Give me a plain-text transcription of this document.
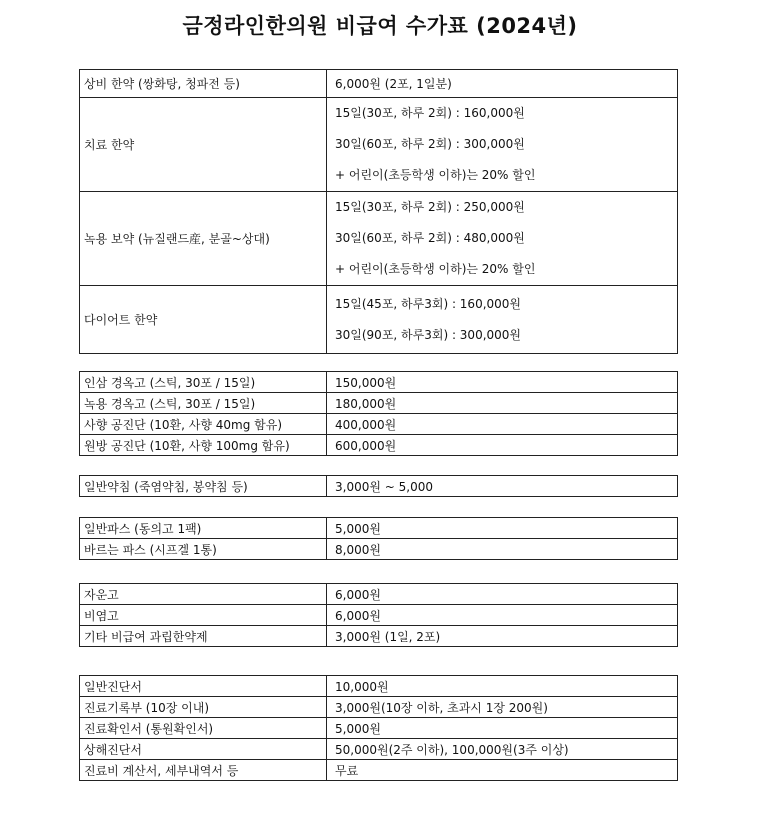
금정라인한의원 비급여 수가표 (2024년)
상비 한약 (쌍화탕, 청파전 등)	6,000원 (2포, 1일분)
치료 한약	15일(30포, 하루 2회) : 160,000원
30일(60포, 하루 2회) : 300,000원
+ 어린이(초등학생 이하)는 20% 할인

녹용 보약 (뉴질랜드産, 분골~상대)	15일(30포, 하루 2회) : 250,000원
30일(60포, 하루 2회) : 480,000원
+ 어린이(초등학생 이하)는 20% 할인

다이어트 한약	15일(45포, 하루3회) : 160,000원
30일(90포, 하루3회) : 300,000원
인삼 경옥고 (스틱, 30포 / 15일)	150,000원
녹용 경옥고 (스틱, 30포 / 15일)	180,000원
사향 공진단 (10환, 사향 40mg 함유)	400,000원
원방 공진단 (10환, 사향 100mg 함유)	600,000원
일반약침 (죽염약침, 봉약침 등)	3,000원 ~ 5,000
일반파스 (동의고 1팩)	5,000원
바르는 파스 (시프겔 1통)	8,000원
자운고	6,000원
비염고	6,000원
기타 비급여 과립한약제	3,000원 (1일, 2포)
일반진단서	10,000원
진료기록부 (10장 이내)	3,000원(10장 이하, 초과시 1장 200원)
진료확인서 (통원확인서)	5,000원
상해진단서	50,000원(2주 이하), 100,000원(3주 이상)
진료비 계산서, 세부내역서 등	무료
